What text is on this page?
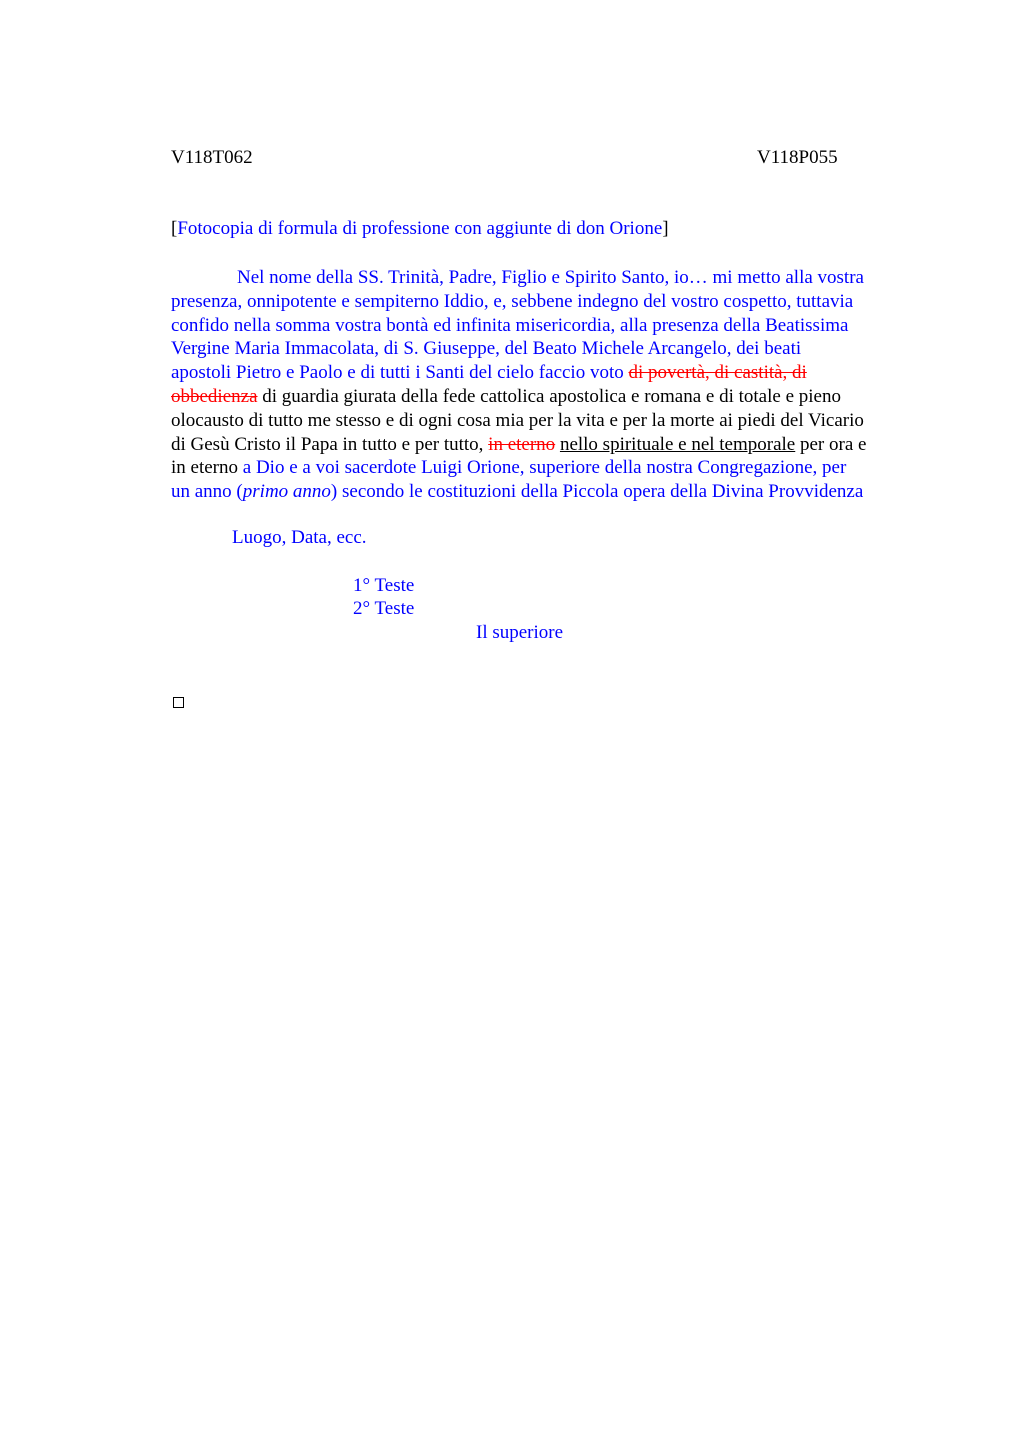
V118T062	V118P055
[Fotocopia di formula di professione con aggiunte di don Orione]
Nel nome della SS. Trinità, Padre, Figlio e Spirito Santo, io… mi metto alla vostra
presenza, onnipotente e sempiterno Iddio, e, sebbene indegno del vostro cospetto, tuttavia
confido nella somma vostra bontà ed infinita misericordia, alla presenza della Beatissima
Vergine Maria Immacolata, di S. Giuseppe, del Beato Michele Arcangelo, dei beati
apostoli Pietro e Paolo e di tutti i Santi del cielo faccio voto di povertà, di castità, di
obbedienza di guardia giurata della fede cattolica apostolica e romana e di totale e pieno
olocausto di tutto me stesso e di ogni cosa mia per la vita e per la morte ai piedi del Vicario
di Gesù Cristo il Papa in tutto e per tutto, in eterno nello spirituale e nel temporale per ora e
in eterno a Dio e a voi sacerdote Luigi Orione, superiore della nostra Congregazione, per
un anno (primo anno) secondo le costituzioni della Piccola opera della Divina Provvidenza
Luogo, Data, ecc.
1° Teste
2° Teste
Il superiore
